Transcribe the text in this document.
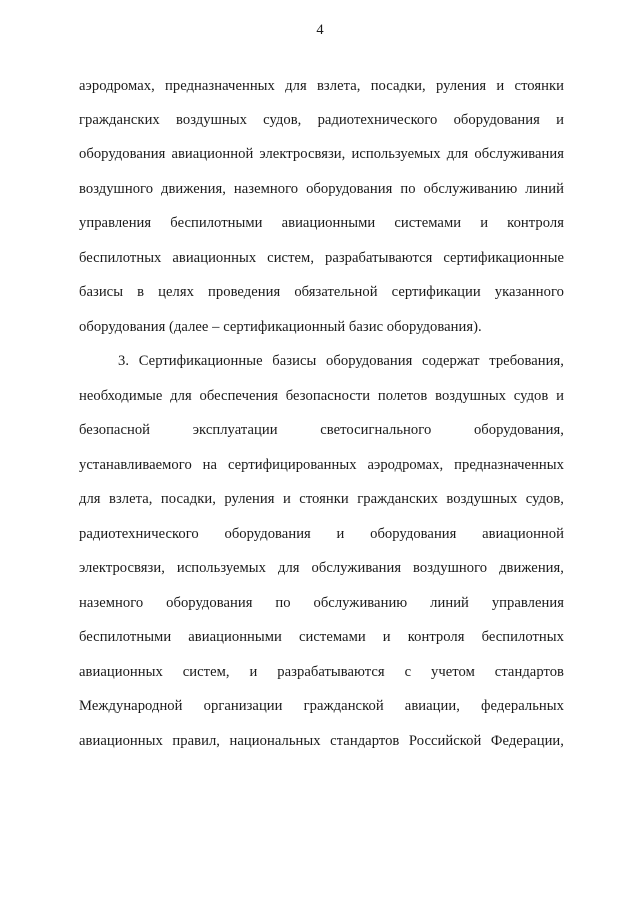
4
аэродромах, предназначенных для взлета, посадки, руления и стоянки
гражданских воздушных судов, радиотехнического оборудования и
оборудования авиационной электросвязи, используемых для обслуживания
воздушного движения, наземного оборудования по обслуживанию линий
управления беспилотными авиационными системами и контроля
беспилотных авиационных систем, разрабатываются сертификационные
базисы в целях проведения обязательной сертификации указанного
оборудования (далее – сертификационный базис оборудования).
3. Сертификационные базисы оборудования содержат требования,
необходимые для обеспечения безопасности полетов воздушных судов и
безопасной эксплуатации светосигнального оборудования,
устанавливаемого на сертифицированных аэродромах, предназначенных
для взлета, посадки, руления и стоянки гражданских воздушных судов,
радиотехнического оборудования и оборудования авиационной
электросвязи, используемых для обслуживания воздушного движения,
наземного оборудования по обслуживанию линий управления
беспилотными авиационными системами и контроля беспилотных
авиационных систем, и разрабатываются с учетом стандартов
Международной организации гражданской авиации, федеральных
авиационных правил, национальных стандартов Российской Федерации,
